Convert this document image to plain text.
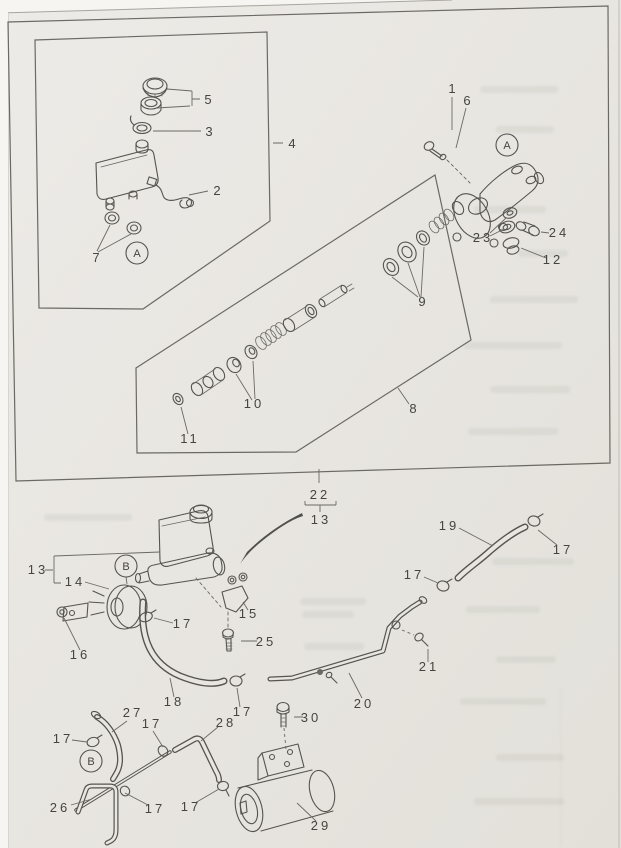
5
3
4
2
7
1
6
23	24
12
9
10
11
8
22
13
13
14
16
17
15
25
18
17
19
17
17
21
20
30
27
17
26
17	28
17 17
29
A
A
B
B
